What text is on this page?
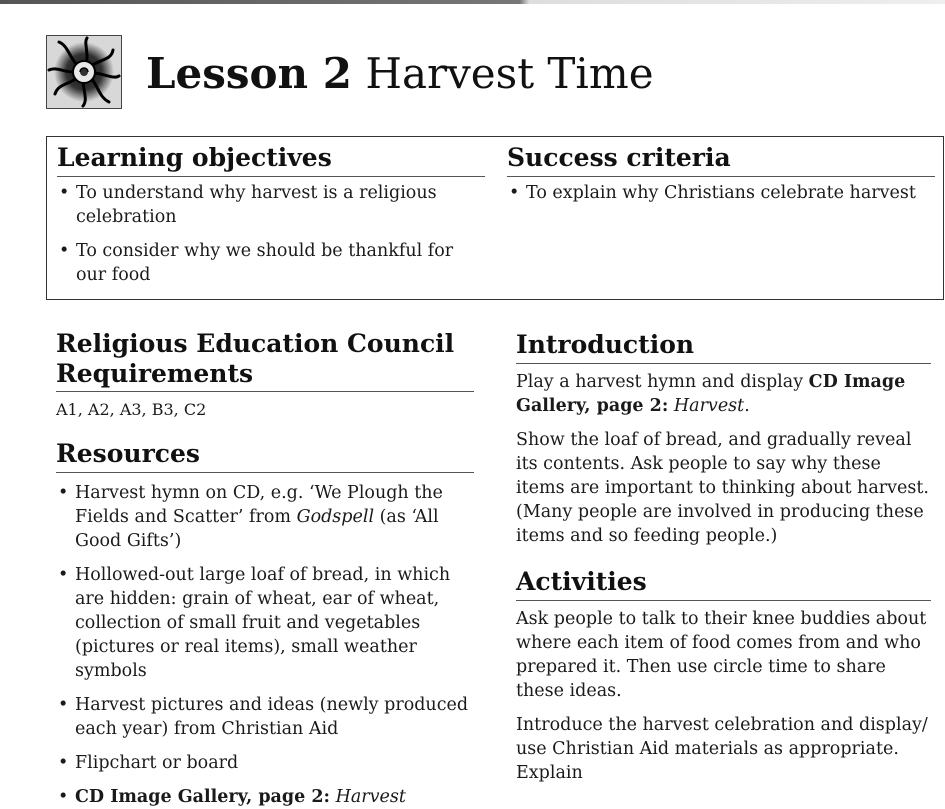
Lesson 2 Harvest Time
Learning objectives
• To understand why harvest is a religious celebration
• To consider why we should be thankful for our food
Success criteria
• To explain why Christians celebrate harvest
Religious Education Council
Requirements

A1, A2, A3, B3, C2

Resources
• Harvest hymn on CD, e.g. ‘We Plough the Fields and Scatter’ from Godspell (as ‘All Good Gifts’)
• Hollowed-out large loaf of bread, in which are hidden: grain of wheat, ear of wheat, collection of small fruit and vegetables (pictures or real items), small weather symbols
• Harvest pictures and ideas (newly produced each year) from Christian Aid
• Flipchart or board
• CD Image Gallery, page 2: Harvest
Introduction

Play a harvest hymn and display CD Image Gallery, page 2: Harvest.

Show the loaf of bread, and gradually reveal its contents. Ask people to say why these items are important to thinking about harvest. (Many people are involved in producing these items and so feeding people.)

Activities

Ask people to talk to their knee buddies about where each item of food comes from and who prepared it. Then use circle time to share these ideas.

Introduce the harvest celebration and display/ use Christian Aid materials as appropriate. Explain
